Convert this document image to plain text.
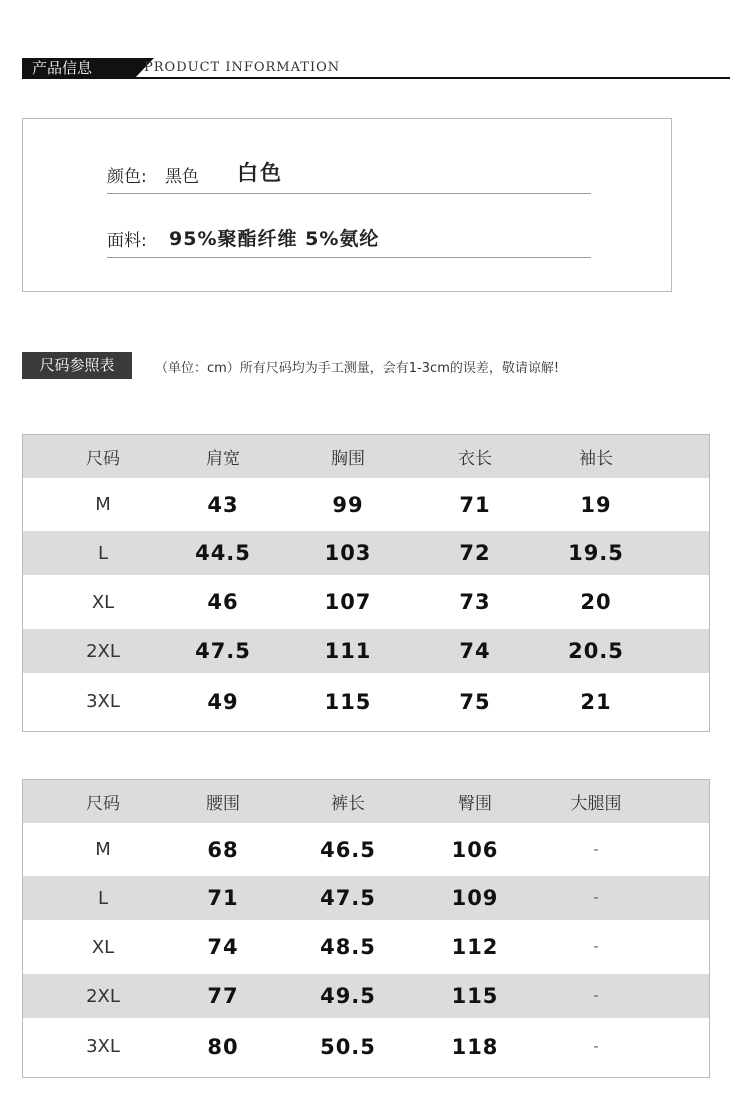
产品信息	PRODUCT INFORMATION
颜色: 黑色 白色
面料: 95%聚酯纤维 5%氨纶
尺码参照表	（单位：cm）所有尺码均为手工测量，会有1-3cm的误差，敬请谅解!
尺码	肩宽	胸围	衣长	袖长
M	43	99	71	19
L	44.5	103	72	19.5
XL	46	107	73	20
2XL	47.5	111	74	20.5
3XL	49	115	75	21
尺码	腰围	裤长	臀围	大腿围
M	68	46.5	106	-
L	71	47.5	109	-
XL	74	48.5	112	-
2XL	77	49.5	115	-
3XL	80	50.5	118	-
